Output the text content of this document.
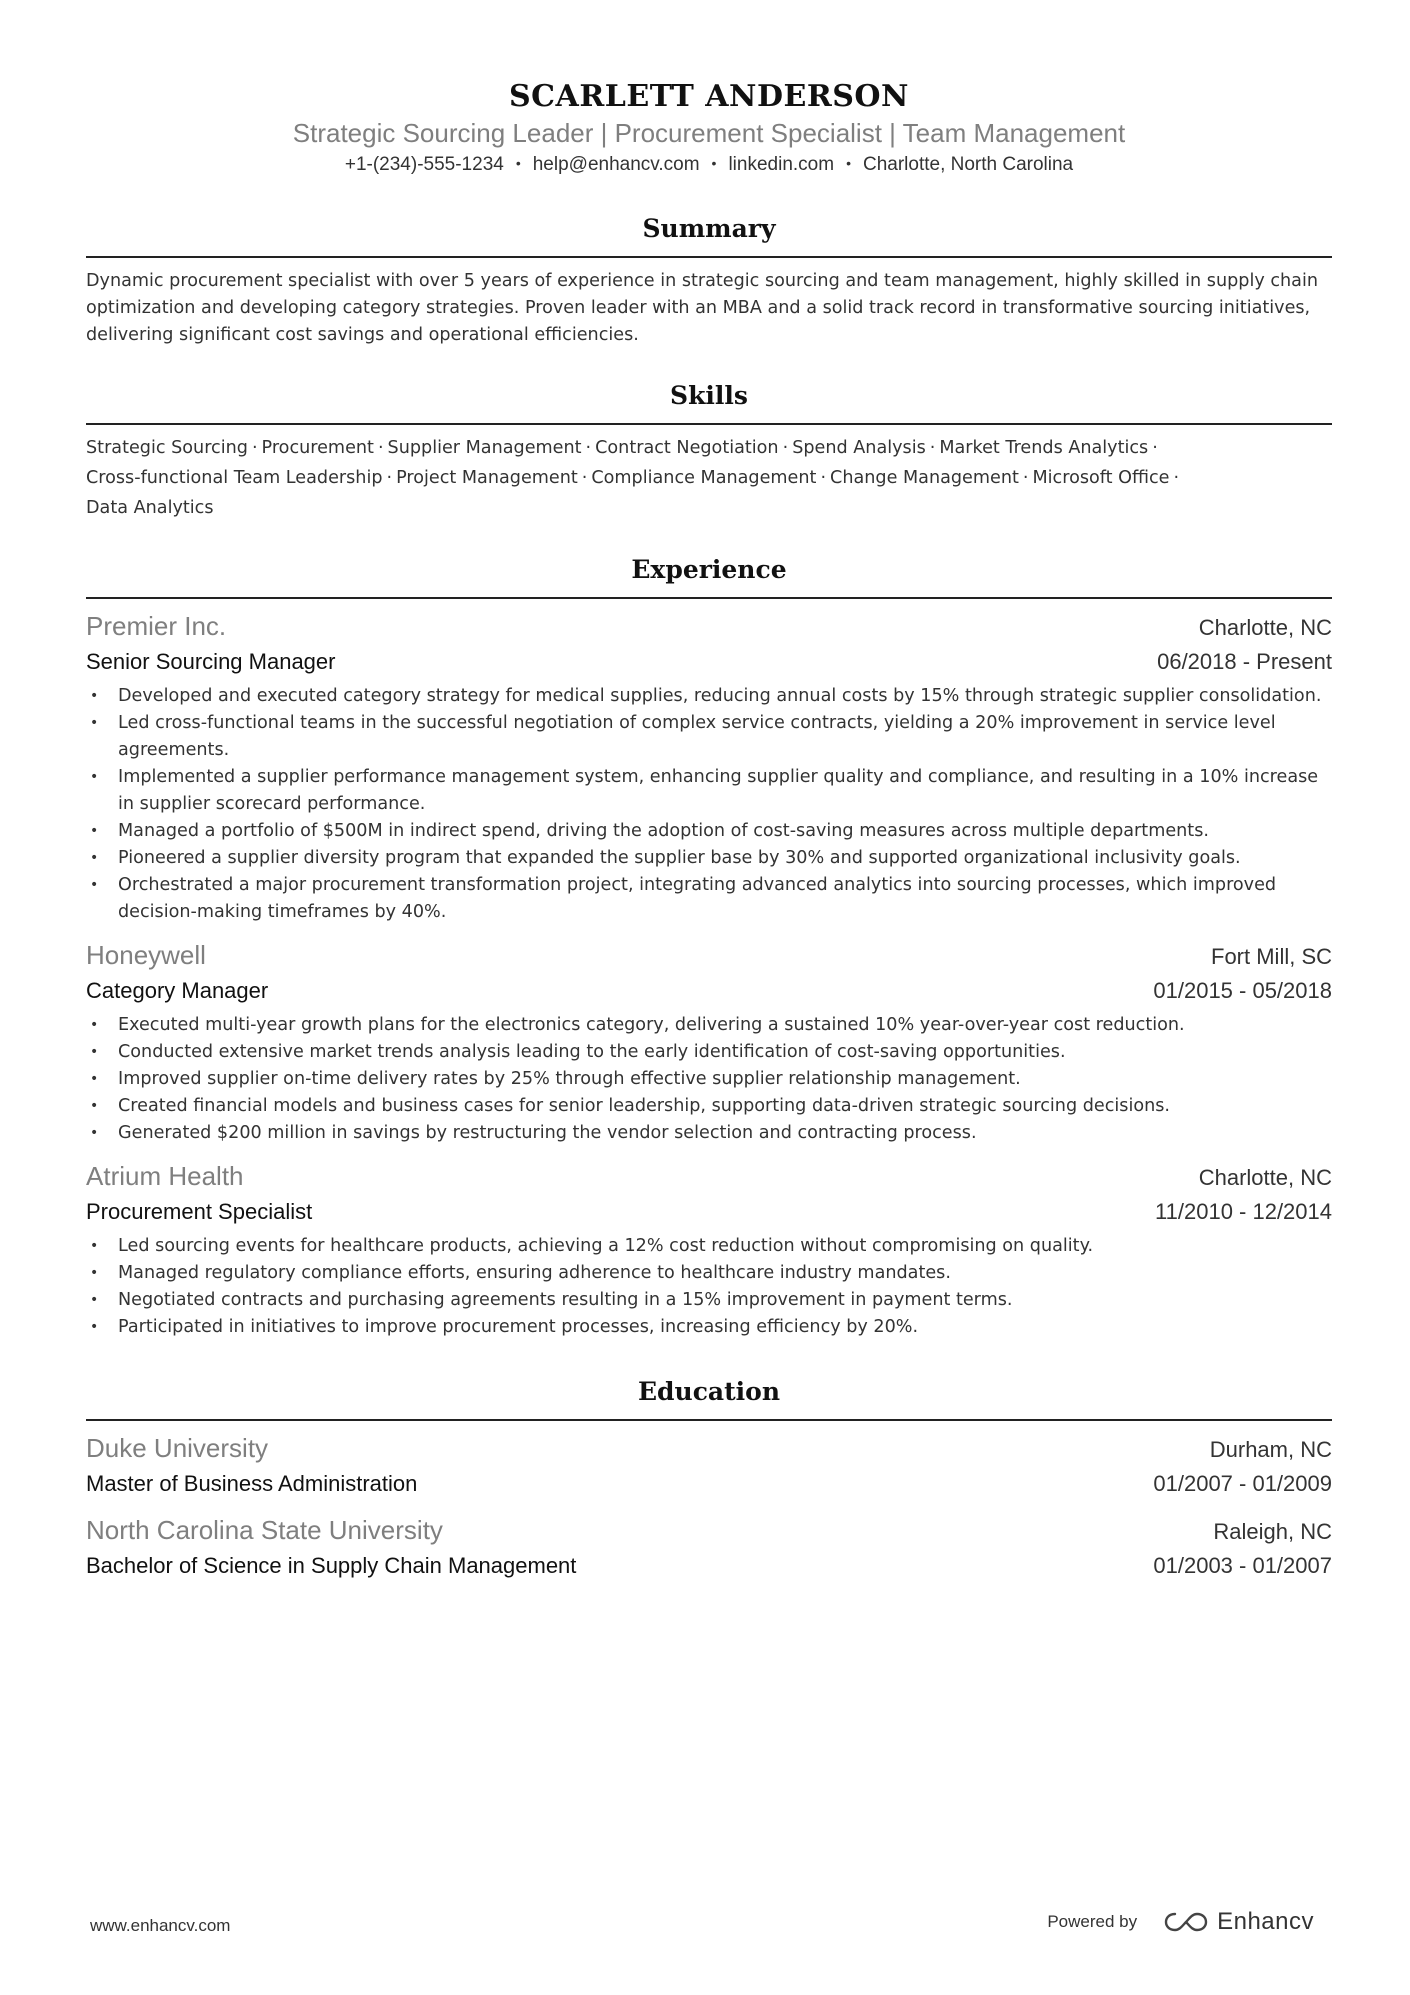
SCARLETT ANDERSON
Strategic Sourcing Leader | Procurement Specialist | Team Management
+1-(234)-555-1234 • help@enhancv.com • linkedin.com • Charlotte, North Carolina
Summary
Dynamic procurement specialist with over 5 years of experience in strategic sourcing and team management, highly skilled in supply chain optimization and developing category strategies. Proven leader with an MBA and a solid track record in transformative sourcing initiatives, delivering significant cost savings and operational efficiencies.
Skills
Strategic Sourcing · Procurement · Supplier Management · Contract Negotiation · Spend Analysis · Market Trends Analytics ·
Cross-functional Team Leadership · Project Management · Compliance Management · Change Management · Microsoft Office ·
Data Analytics
Experience
Premier Inc.	Charlotte, NC
Senior Sourcing Manager	06/2018 - Present
• Developed and executed category strategy for medical supplies, reducing annual costs by 15% through strategic supplier consolidation.
• Led cross-functional teams in the successful negotiation of complex service contracts, yielding a 20% improvement in service level agreements.
• Implemented a supplier performance management system, enhancing supplier quality and compliance, and resulting in a 10% increase in supplier scorecard performance.
• Managed a portfolio of $500M in indirect spend, driving the adoption of cost-saving measures across multiple departments.
• Pioneered a supplier diversity program that expanded the supplier base by 30% and supported organizational inclusivity goals.
• Orchestrated a major procurement transformation project, integrating advanced analytics into sourcing processes, which improved decision-making timeframes by 40%.
Honeywell	Fort Mill, SC
Category Manager	01/2015 - 05/2018
• Executed multi-year growth plans for the electronics category, delivering a sustained 10% year-over-year cost reduction.
• Conducted extensive market trends analysis leading to the early identification of cost-saving opportunities.
• Improved supplier on-time delivery rates by 25% through effective supplier relationship management.
• Created financial models and business cases for senior leadership, supporting data-driven strategic sourcing decisions.
• Generated $200 million in savings by restructuring the vendor selection and contracting process.
Atrium Health	Charlotte, NC
Procurement Specialist	11/2010 - 12/2014
• Led sourcing events for healthcare products, achieving a 12% cost reduction without compromising on quality.
• Managed regulatory compliance efforts, ensuring adherence to healthcare industry mandates.
• Negotiated contracts and purchasing agreements resulting in a 15% improvement in payment terms.
• Participated in initiatives to improve procurement processes, increasing efficiency by 20%.
Education
Duke University	Durham, NC
Master of Business Administration	01/2007 - 01/2009
North Carolina State University	Raleigh, NC
Bachelor of Science in Supply Chain Management	01/2003 - 01/2007
www.enhancv.com	Powered by	Enhancv
